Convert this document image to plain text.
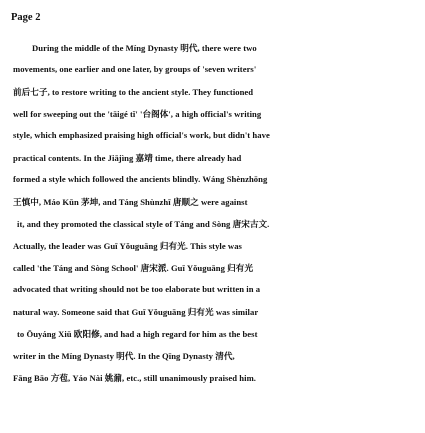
Page 2
During the middle of the Míng Dynasty 明代, there were two
movements, one earlier and one later, by groups of 'seven writers'
前后七子, to restore writing to the ancient style. They functioned
well for sweeping out the 'tāigé tǐ' '台阁体', a high official's writing
style, which emphasized praising high official's work, but didn't have
practical contents. In the Jiājìng 嘉靖 time, there already had
formed a style which followed the ancients blindly. Wáng Shènzhōng
王慎中, Máo Kūn 茅坤, and Táng Shùnzhī 唐顺之 were against
it, and they promoted the classical style of Táng and Sòng 唐宋古文.
Actually, the leader was Guī Yǒuguāng 归有光. This style was
called 'the Táng and Sòng School' 唐宋派. Guī Yǒuguāng 归有光
advocated that writing should not be too elaborate but written in a
natural way. Someone said that Guī Yǒuguāng 归有光 was similar
to Ōuyáng Xiū 欧阳修, and had a high regard for him as the best
writer in the Míng Dynasty 明代. In the Qīng Dynasty 清代,
Fāng Bāo 方苞, Yáo Nài 姚鼐, etc., still unanimously praised him.
